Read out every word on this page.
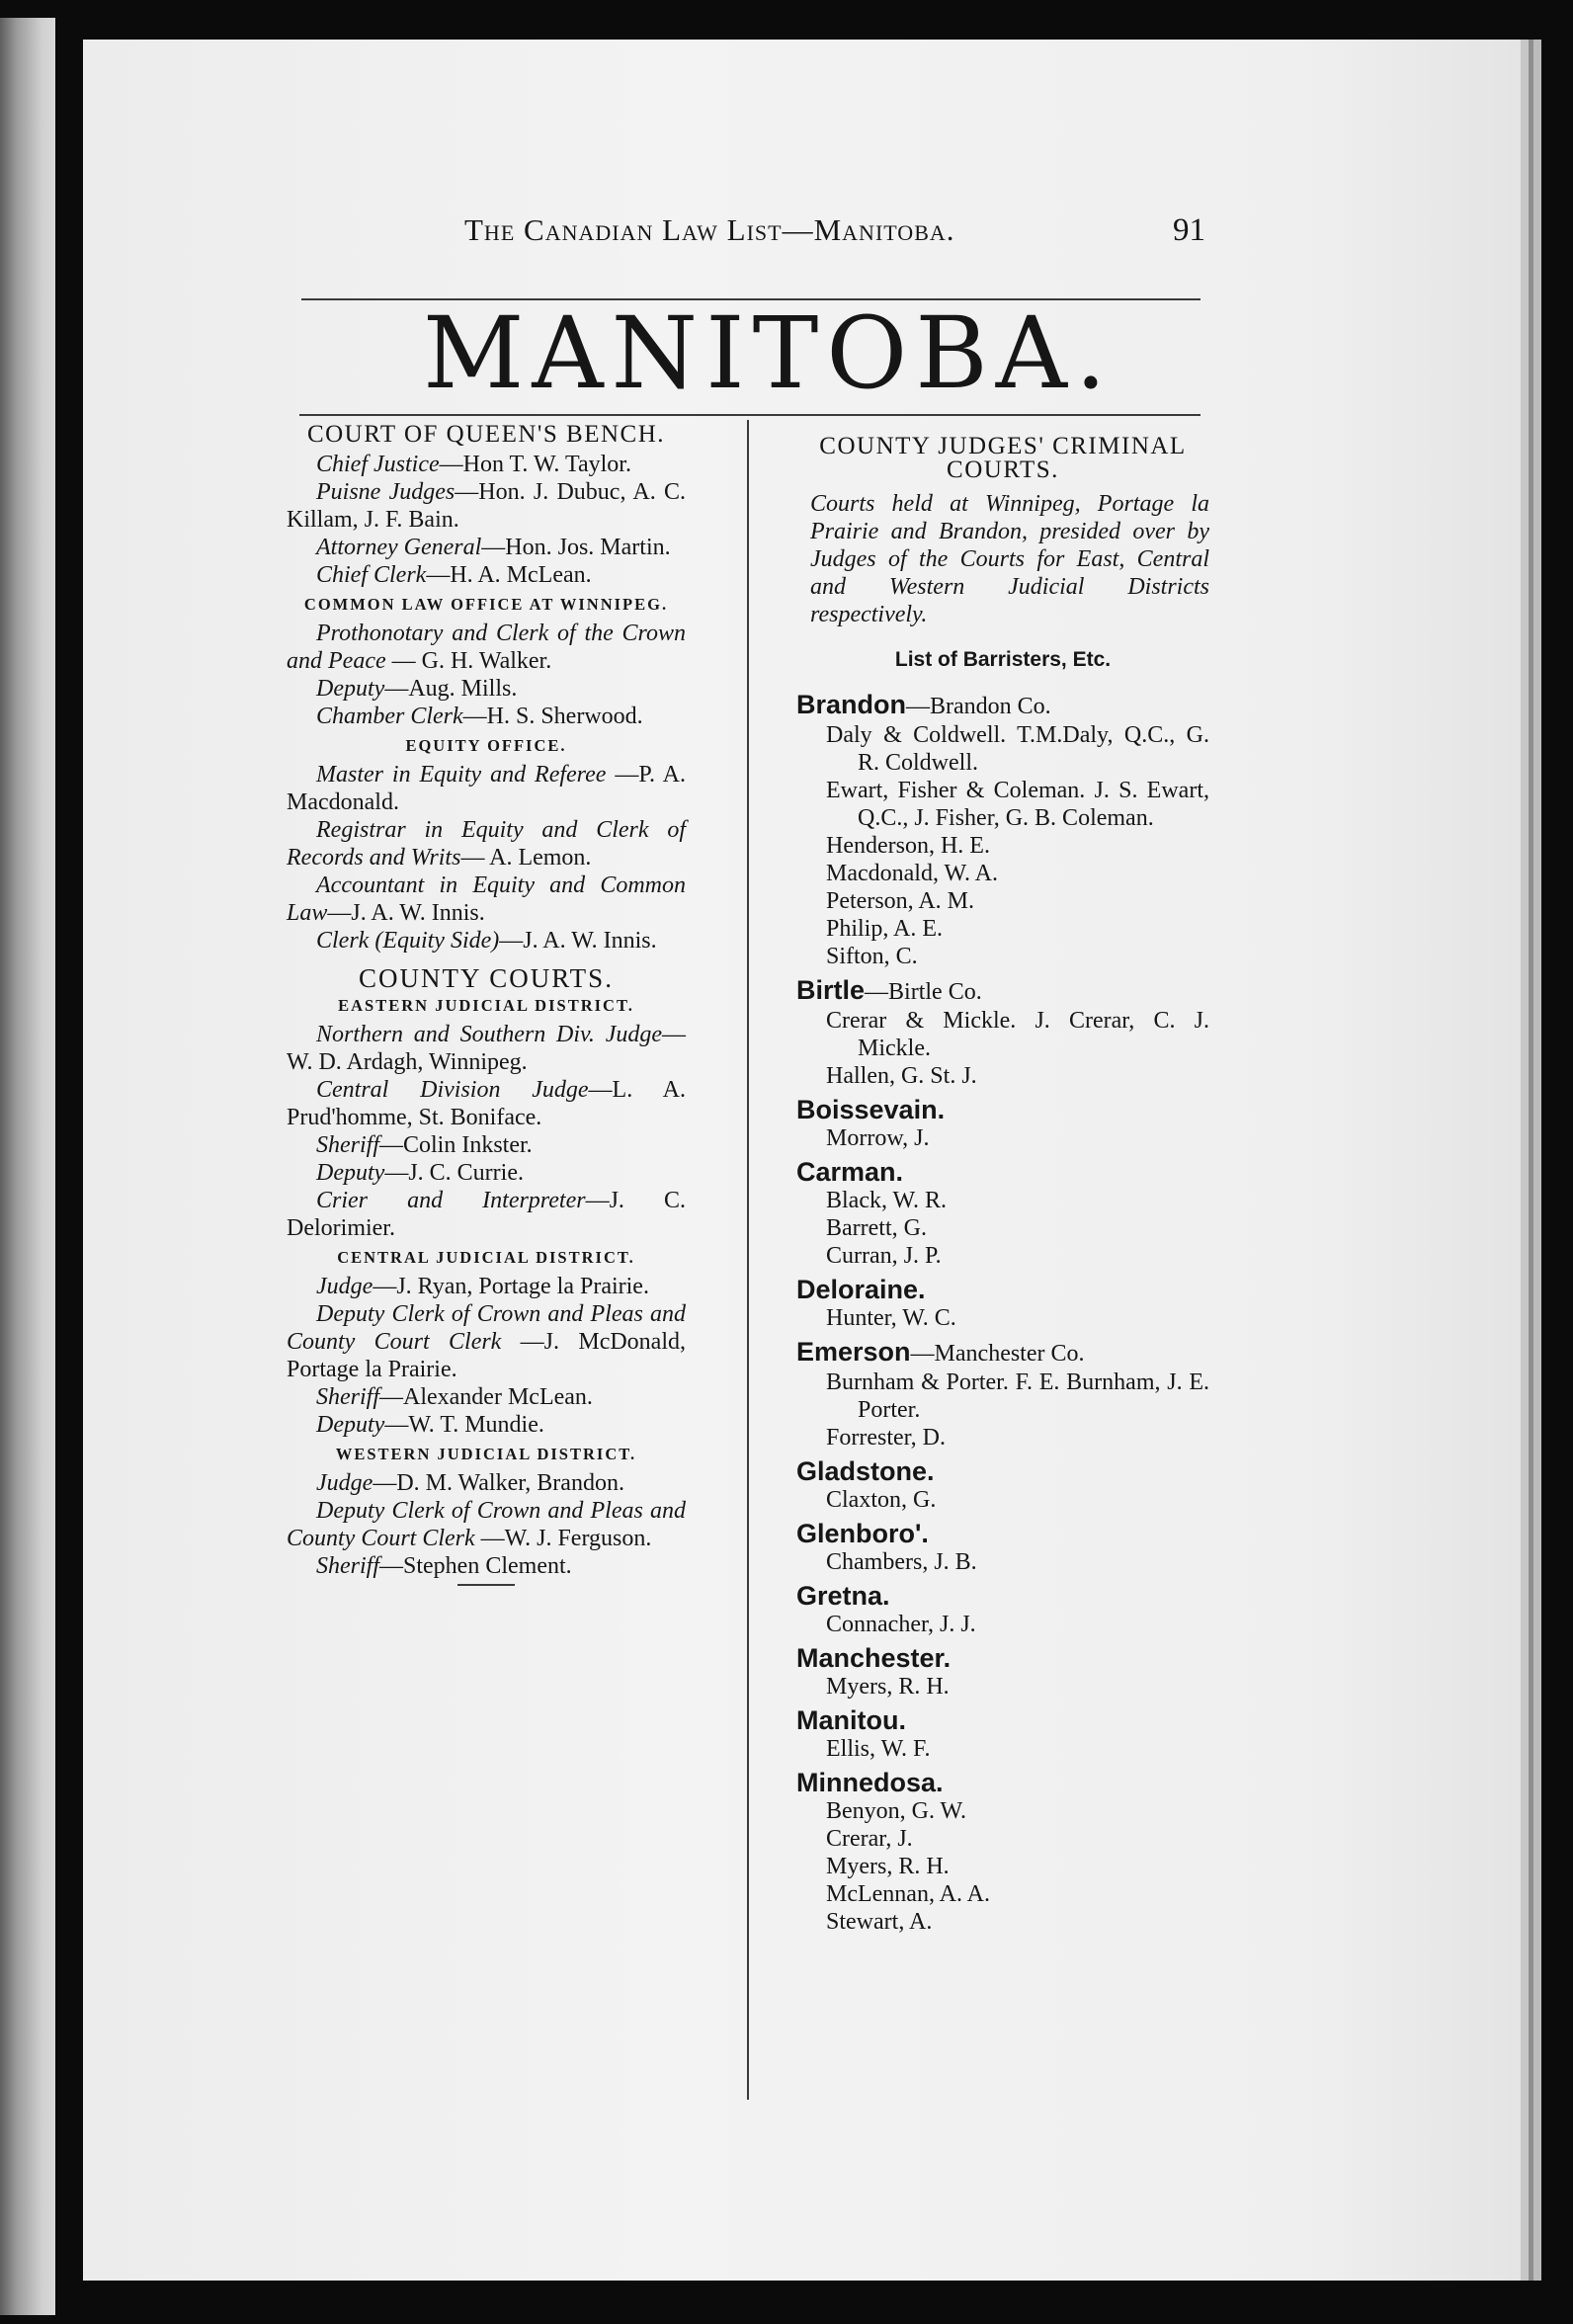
The Canadian Law List—Manitoba.	91
MANITOBA.
COURT OF QUEEN'S BENCH.

Chief Justice—Hon T. W. Taylor.

Puisne Judges—Hon. J. Dubuc, A. C. Killam, J. F. Bain.

Attorney General—Hon. Jos. Martin.

Chief Clerk—H. A. McLean.

COMMON LAW OFFICE AT WINNIPEG.

Prothonotary and Clerk of the Crown and Peace — G. H. Walker.

Deputy—Aug. Mills.

Chamber Clerk—H. S. Sherwood.

EQUITY OFFICE.

Master in Equity and Referee —P. A. Macdonald.

Registrar in Equity and Clerk of Records and Writs— A. Lemon.

Accountant in Equity and Common Law—J. A. W. Innis.

Clerk (Equity Side)—J. A. W. Innis.

COUNTY COURTS.
EASTERN JUDICIAL DISTRICT.

Northern and Southern Div. Judge—W. D. Ardagh, Winnipeg.

Central Division Judge—L. A. Prud'homme, St. Boniface.

Sheriff—Colin Inkster.

Deputy—J. C. Currie.

Crier and Interpreter—J. C. Delorimier.

CENTRAL JUDICIAL DISTRICT.

Judge—J. Ryan, Portage la Prairie.

Deputy Clerk of Crown and Pleas and County Court Clerk —J. McDonald, Portage la Prairie.

Sheriff—Alexander McLean.

Deputy—W. T. Mundie.

WESTERN JUDICIAL DISTRICT.

Judge—D. M. Walker, Brandon.

Deputy Clerk of Crown and Pleas and County Court Clerk —W. J. Ferguson.

Sheriff—Stephen Clement.

COUNTY JUDGES' CRIMINAL COURTS.

Courts held at Winnipeg, Portage la Prairie and Brandon, presided over by Judges of the Courts for East, Central and Western Judicial Districts respectively.

List of Barristers, Etc.

Brandon—Brandon Co.

Daly & Coldwell. T.M.Daly, Q.C., G. R. Coldwell.

Ewart, Fisher & Coleman. J. S. Ewart, Q.C., J. Fisher, G. B. Coleman.

Henderson, H. E.

Macdonald, W. A.

Peterson, A. M.

Philip, A. E.

Sifton, C.

Birtle—Birtle Co.

Crerar & Mickle. J. Crerar, C. J. Mickle.

Hallen, G. St. J.

Boissevain.

Morrow, J.

Carman.

Black, W. R.

Barrett, G.

Curran, J. P.

Deloraine.

Hunter, W. C.

Emerson—Manchester Co.

Burnham & Porter. F. E. Burnham, J. E. Porter.

Forrester, D.

Gladstone.

Claxton, G.

Glenboro'.

Chambers, J. B.

Gretna.

Connacher, J. J.

Manchester.

Myers, R. H.

Manitou.

Ellis, W. F.

Minnedosa.

Benyon, G. W.

Crerar, J.

Myers, R. H.

McLennan, A. A.

Stewart, A.
